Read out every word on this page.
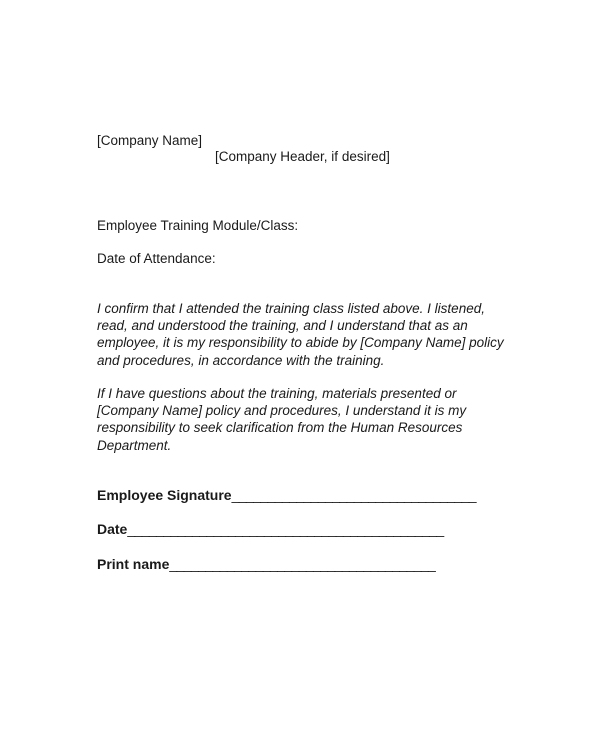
[Company Name]
[Company Header, if desired]
Employee Training Module/Class:
Date of Attendance:
I confirm that I attended the training class listed above. I listened,
read, and understood the training, and I understand that as an
employee, it is my responsibility to abide by [Company Name] policy
and procedures, in accordance with the training.
If I have questions about the training, materials presented or
[Company Name] policy and procedures, I understand it is my
responsibility to seek clarification from the Human Resources
Department.
Employee Signature__________________________________
Date____________________________________________
Print name_____________________________________
